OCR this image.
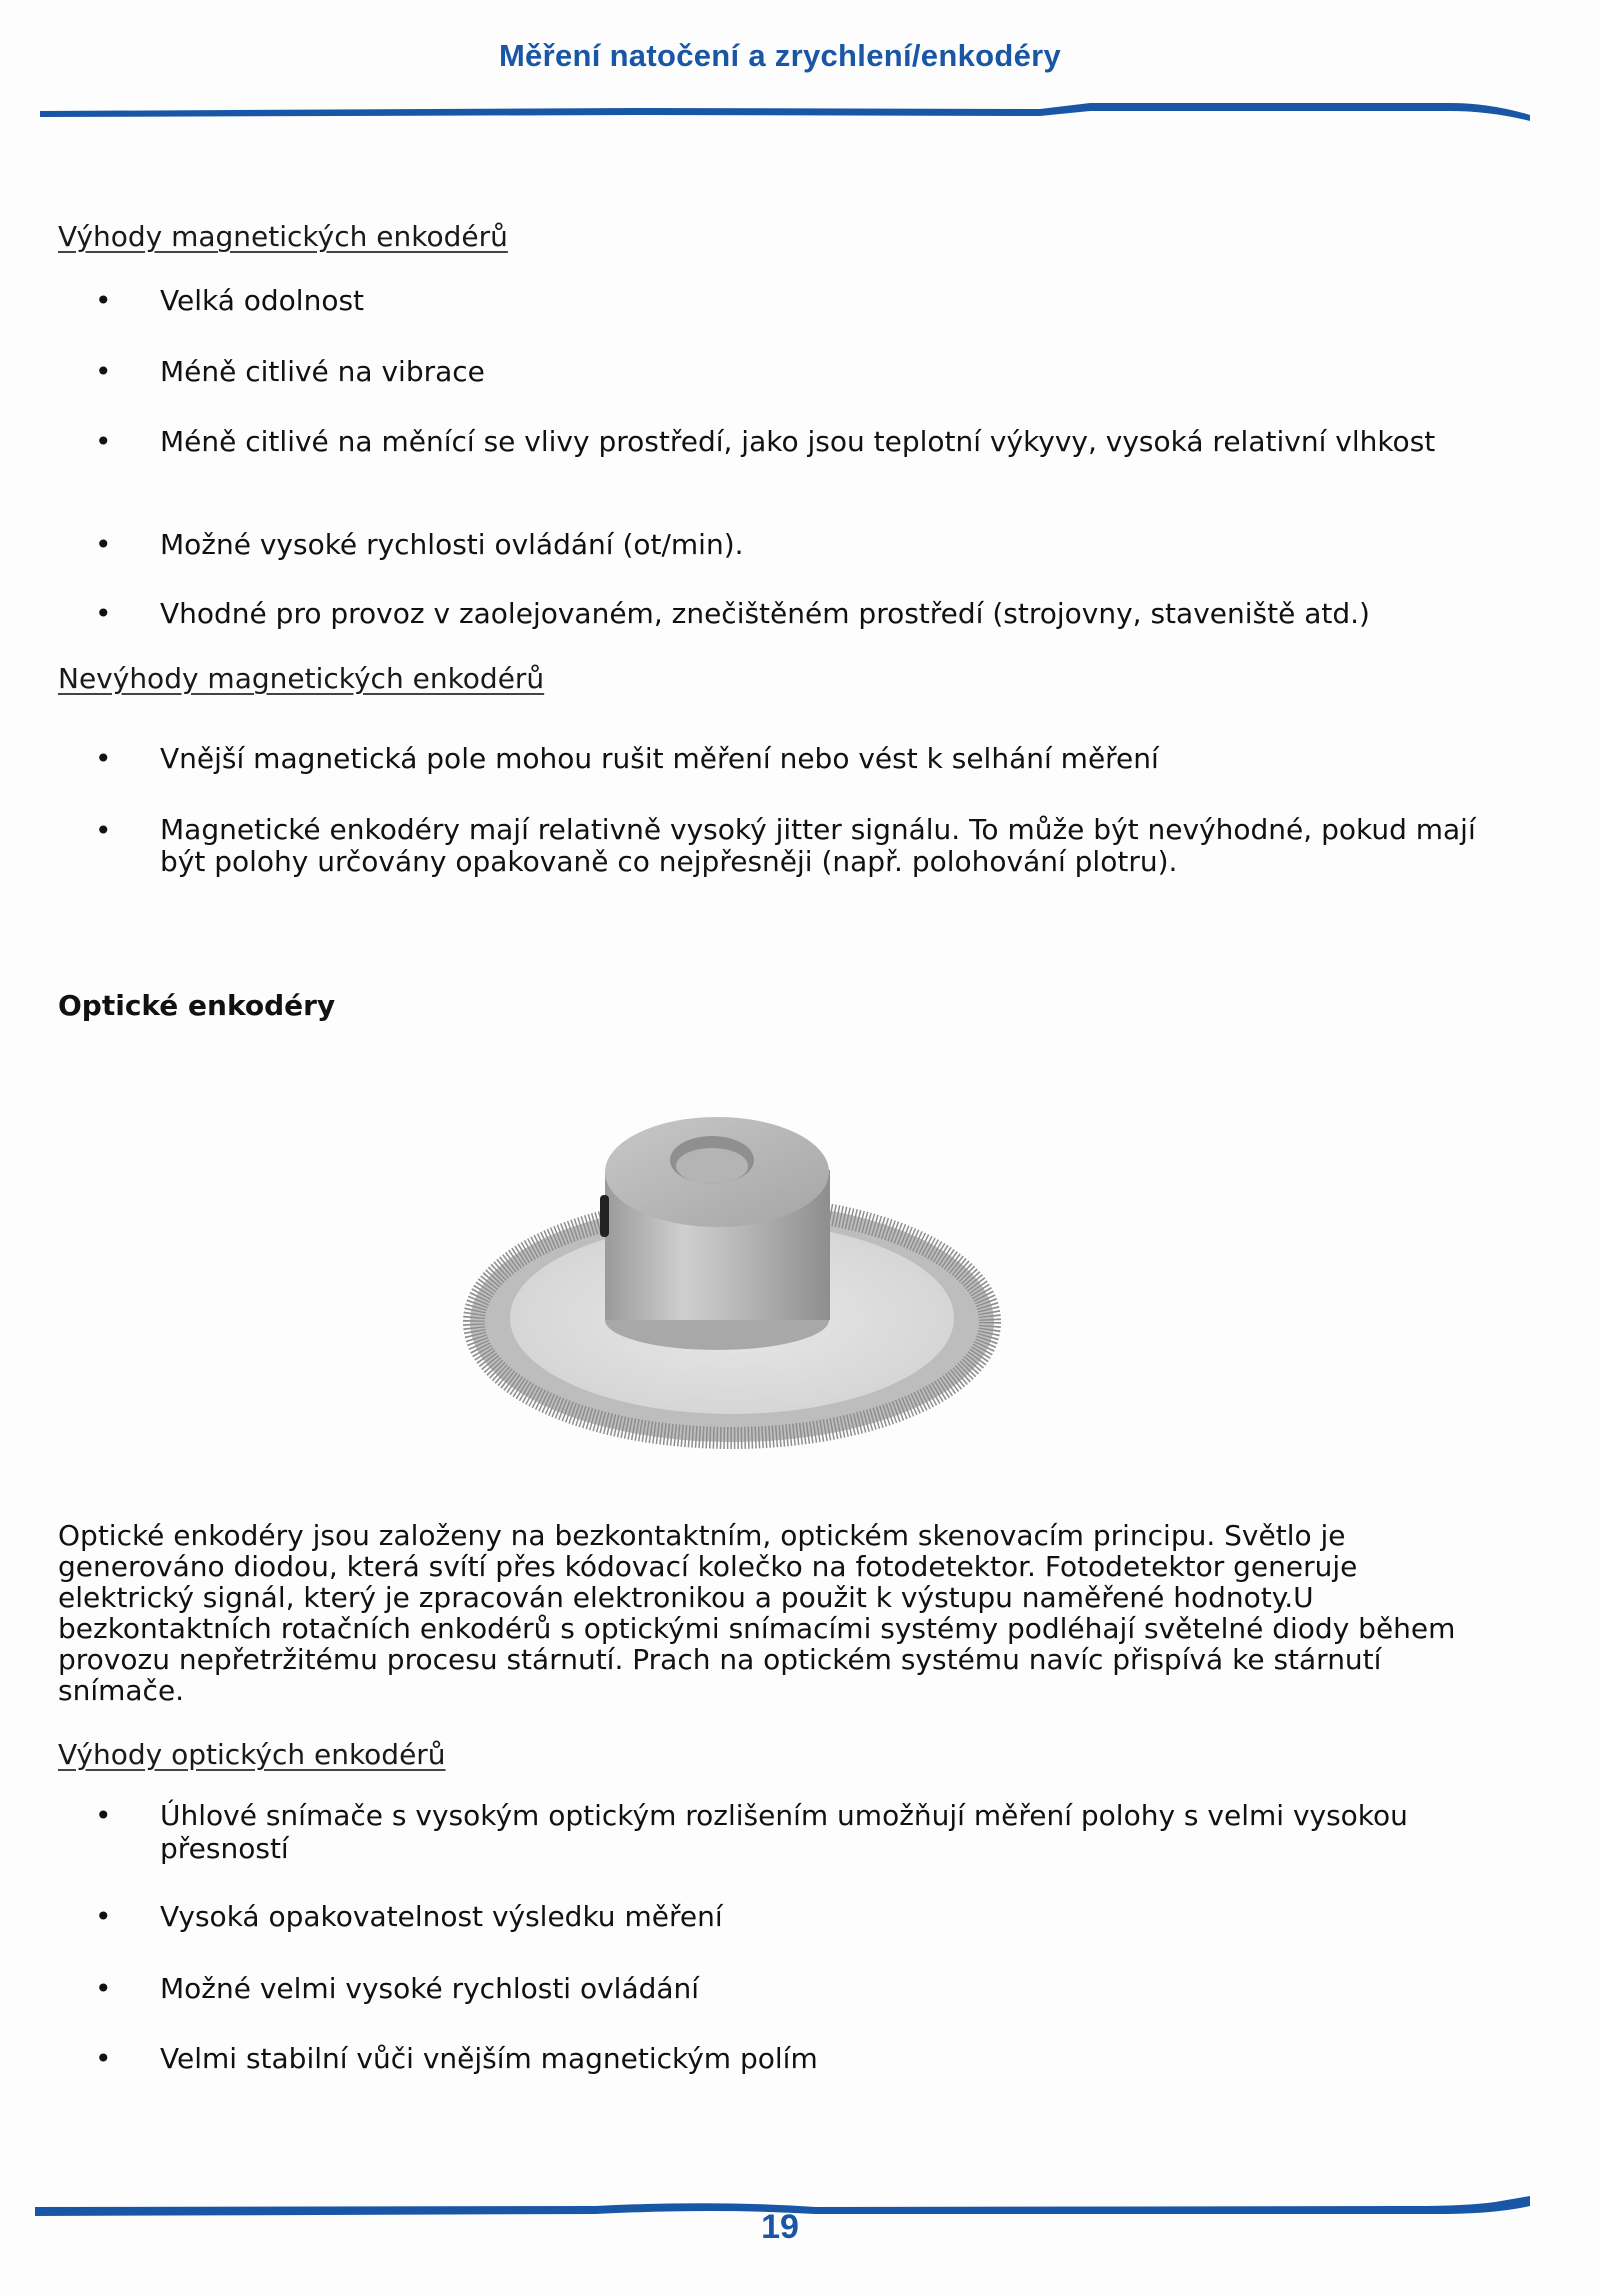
Měření natočení a zrychlení/enkodéry
Výhody magnetických enkodérů
•	Velká odolnost
•	Méně citlivé na vibrace
•	Méně citlivé na měnící se vlivy prostředí, jako jsou teplotní výkyvy, vysoká relativní vlhkost
•	Možné vysoké rychlosti ovládání (ot/min).
•	Vhodné pro provoz v zaolejovaném, znečištěném prostředí (strojovny, staveniště atd.)
Nevýhody magnetických enkodérů
•	Vnější magnetická pole mohou rušit měření nebo vést k selhání měření
•	Magnetické enkodéry mají relativně vysoký jitter signálu. To může být nevýhodné, pokud mají být polohy určovány opakovaně co nejpřesněji (např. polohování plotru).
Optické enkodéry
Optické enkodéry jsou založeny na bezkontaktním, optickém skenovacím principu. Světlo je generováno diodou, která svítí přes kódovací kolečko na fotodetektor. Fotodetektor generuje elektrický signál, který je zpracován elektronikou a použit k výstupu naměřené hodnoty.U bezkontaktních rotačních enkodérů s optickými snímacími systémy podléhají světelné diody během provozu nepřetržitému procesu stárnutí. Prach na optickém systému navíc přispívá ke stárnutí snímače.
Výhody optických enkodérů
•	Úhlové snímače s vysokým optickým rozlišením umožňují měření polohy s velmi vysokou přesností
•	Vysoká opakovatelnost výsledku měření
•	Možné velmi vysoké rychlosti ovládání
•	Velmi stabilní vůči vnějším magnetickým polím
19
